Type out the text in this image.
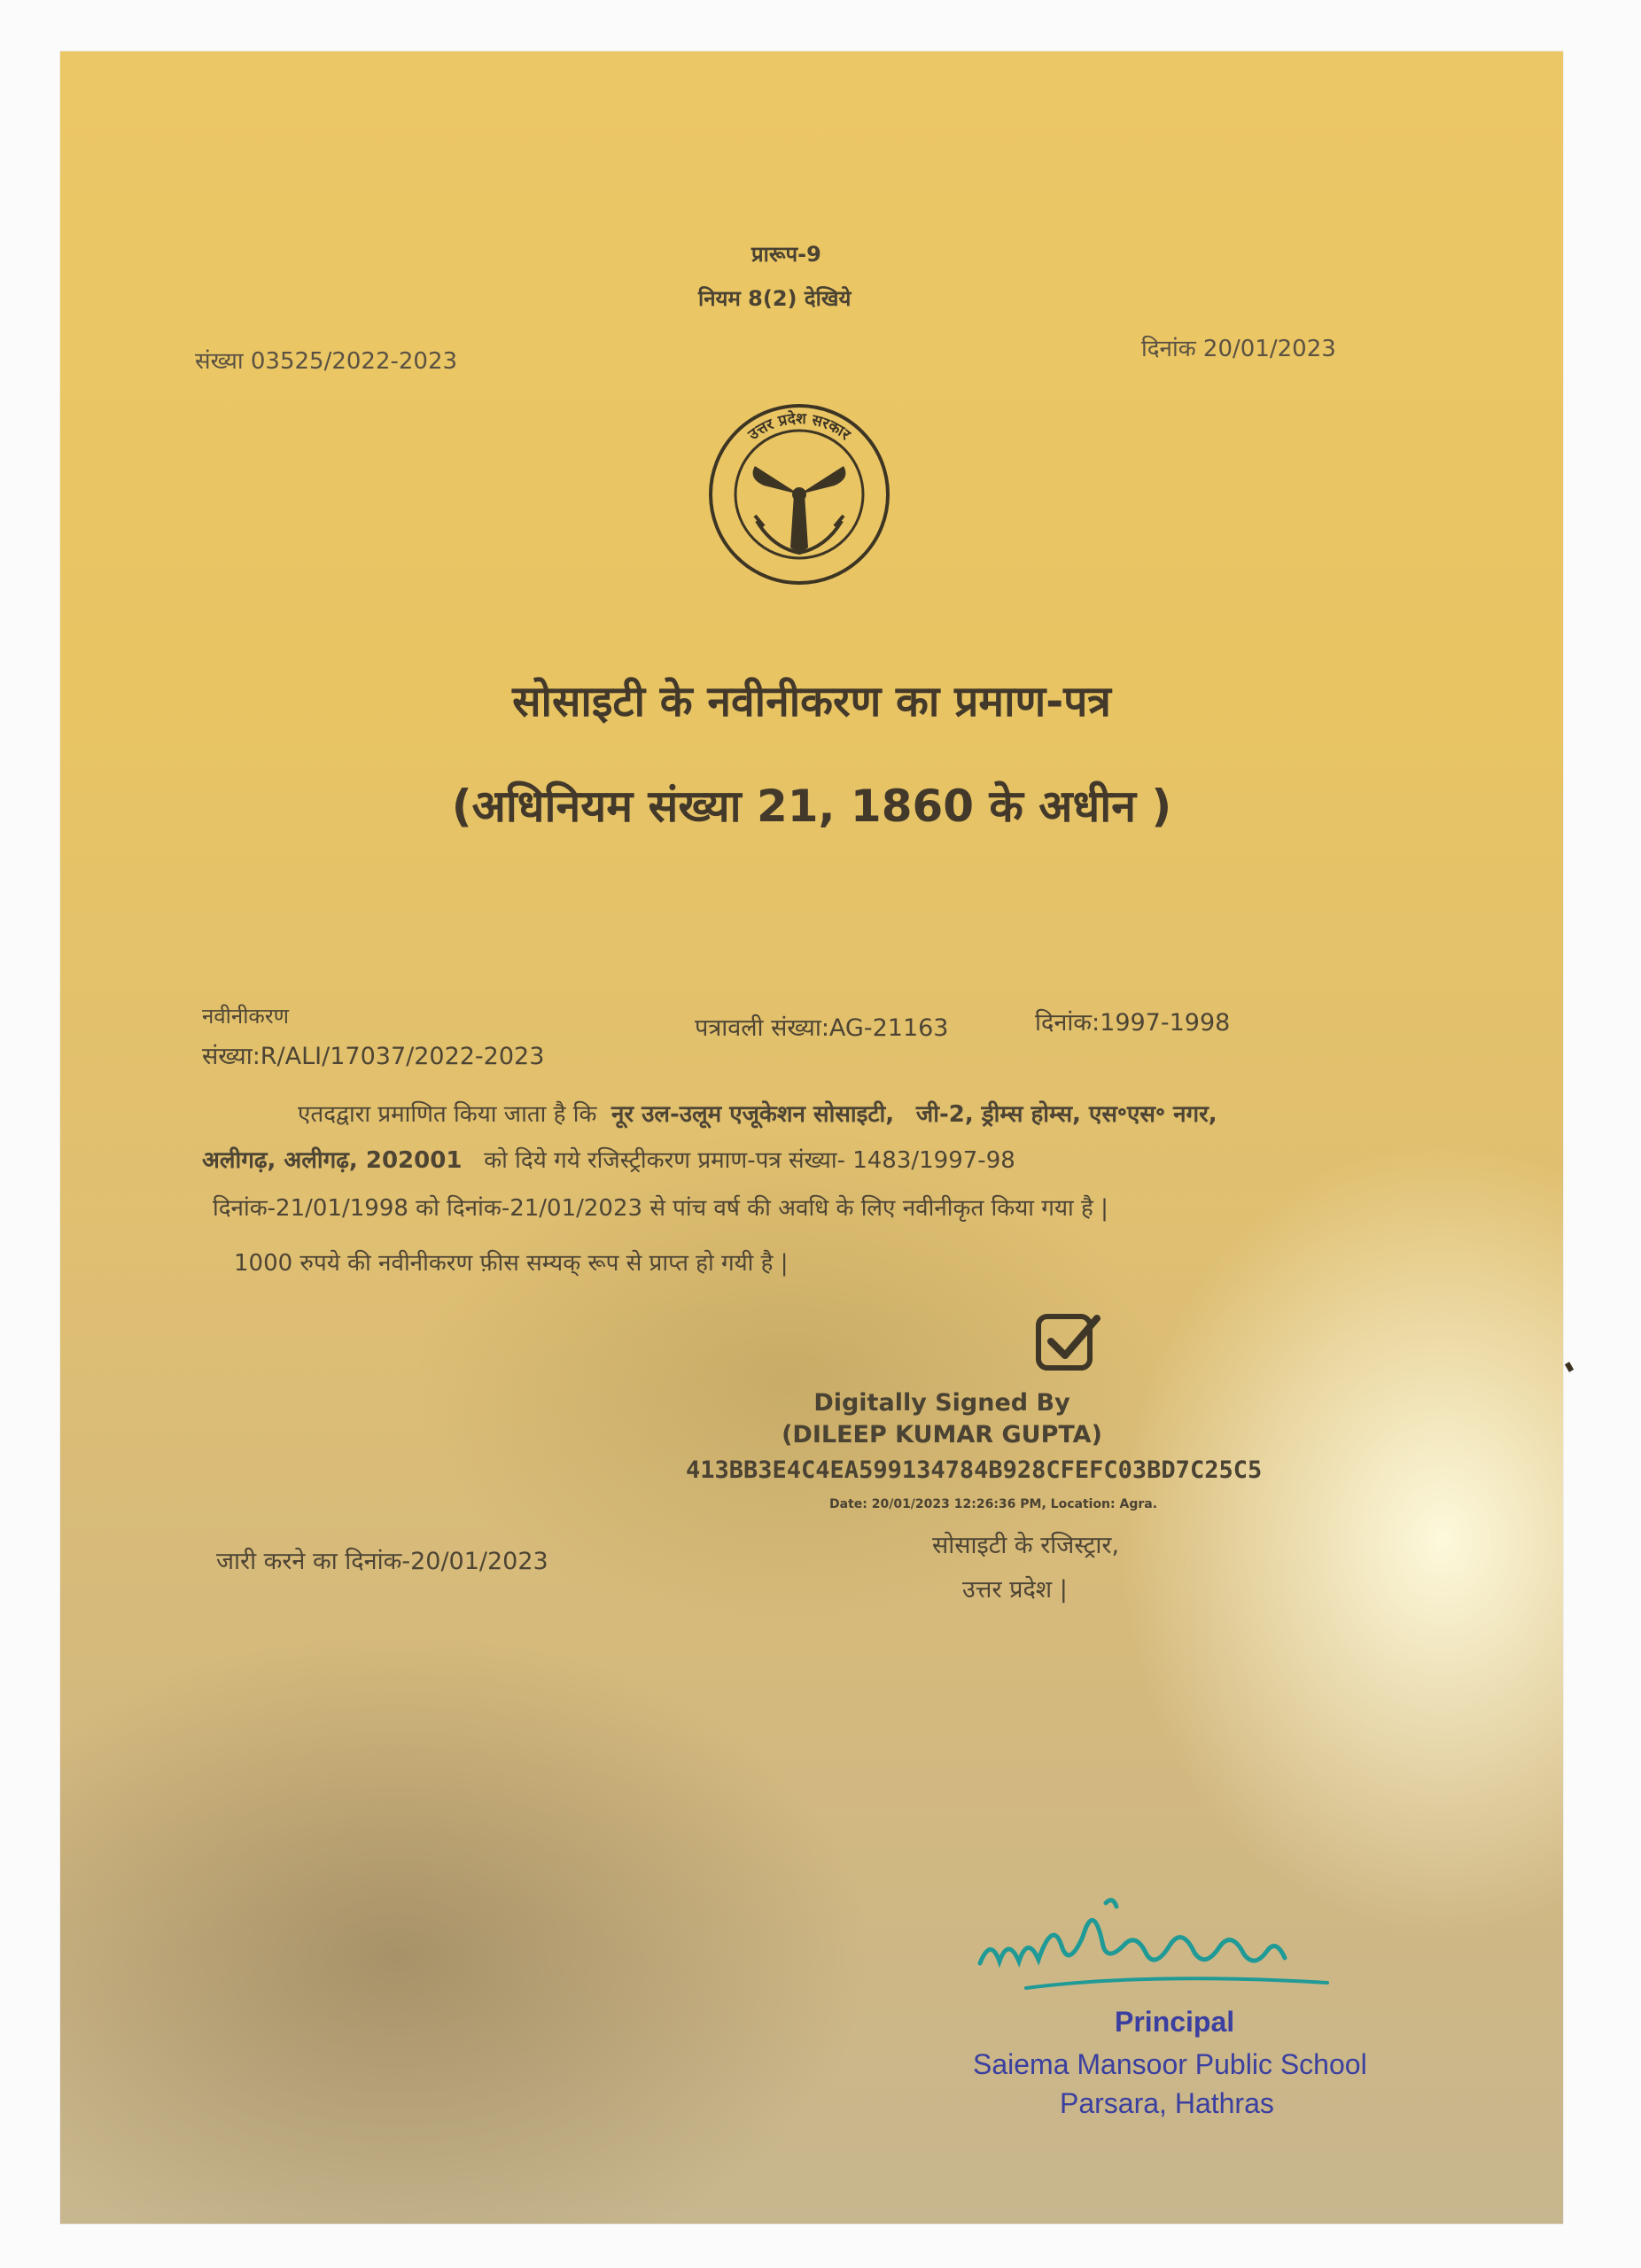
प्रारूप-9
नियम 8(2) देखिये
संख्या 03525/2022-2023	दिनांक 20/01/2023
उत्तर प्रदेश सरकार
सोसाइटी के नवीनीकरण का प्रमाण-पत्र
(अधिनियम संख्या 21, 1860 के अधीन )
नवीनीकरण
संख्या:R/ALI/17037/2022-2023
पत्रावली संख्या:AG-21163	दिनांक:1997-1998
एतदद्वारा प्रमाणित किया जाता है कि नूर उल-उलूम एजूकेशन सोसाइटी, जी-2, ड्रीम्स होम्स, एस॰एस॰ नगर,
अलीगढ़, अलीगढ़, 202001 को दिये गये रजिस्ट्रीकरण प्रमाण-पत्र संख्या- 1483/1997-98
दिनांक-21/01/1998 को दिनांक-21/01/2023 से पांच वर्ष की अवधि के लिए नवीनीकृत किया गया है |
1000 रुपये की नवीनीकरण फ़ीस सम्यक् रूप से प्राप्त हो गयी है |
Digitally Signed By
(DILEEP KUMAR GUPTA)
413BB3E4C4EA599134784B928CFEFC03BD7C25C5
Date: 20/01/2023 12:26:36 PM, Location: Agra.
जारी करने का दिनांक-20/01/2023
सोसाइटी के रजिस्ट्रार,
उत्तर प्रदेश |
Principal
Saiema Mansoor Public School
Parsara, Hathras
